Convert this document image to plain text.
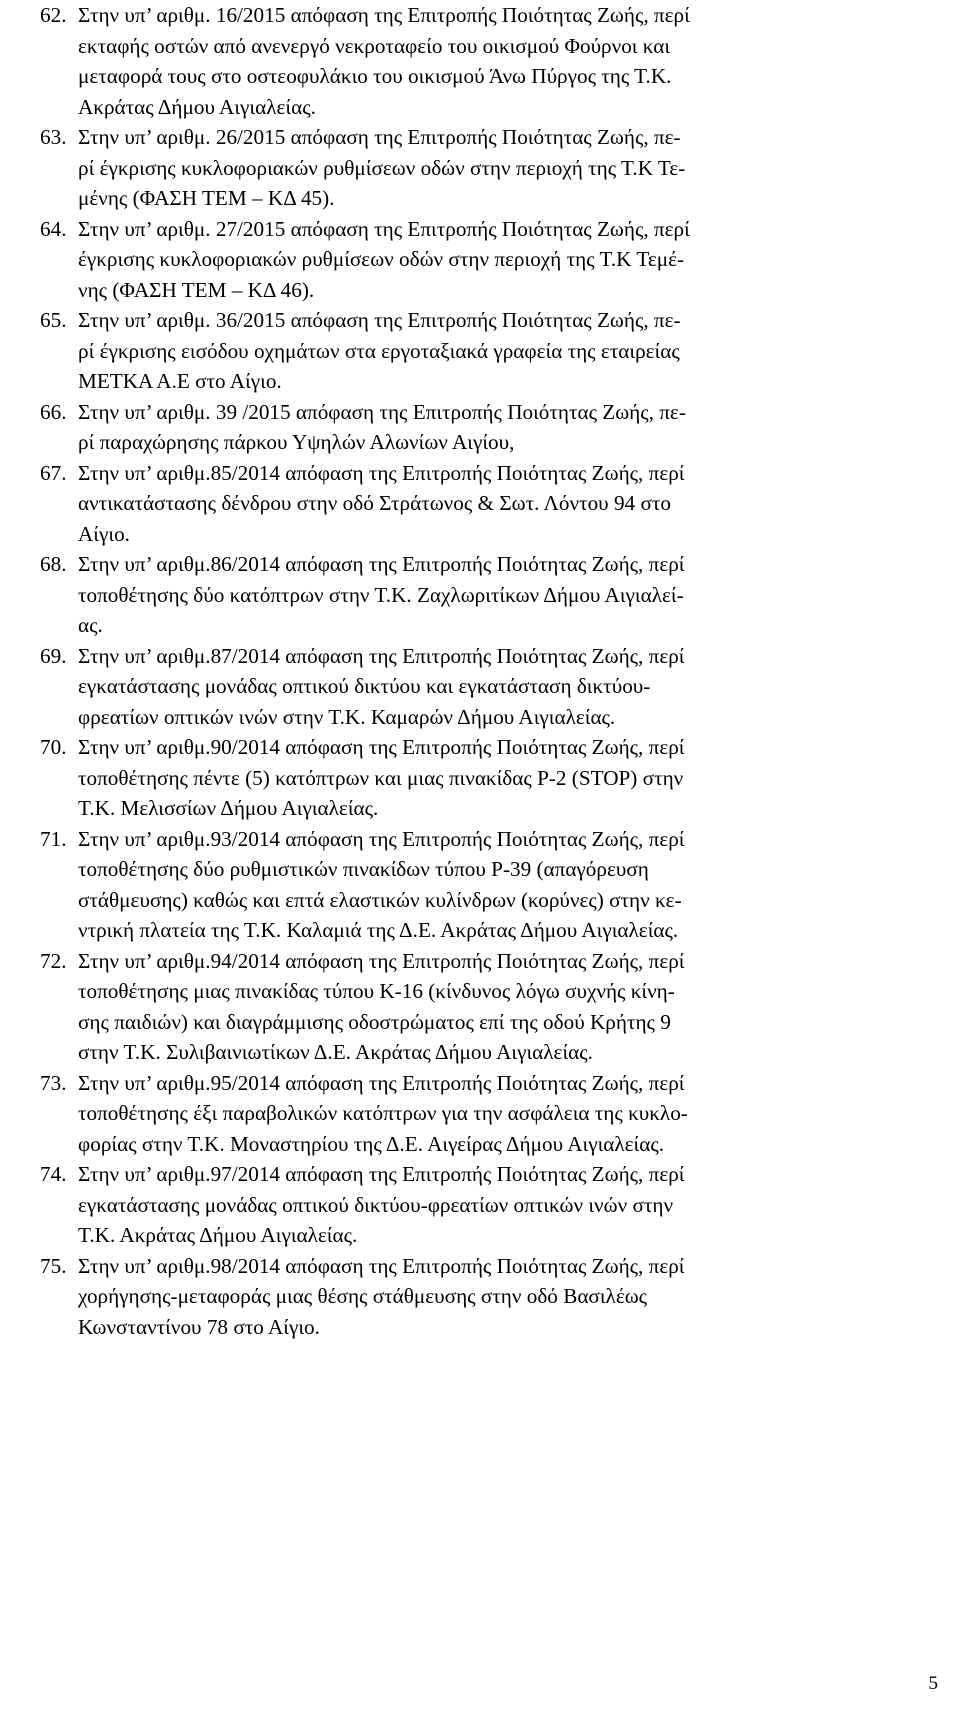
62. Στην υπ’ αριθμ. 16/2015 απόφαση της Επιτροπής Ποιότητας Ζωής, περί
εκταφής οστών από ανενεργό νεκροταφείο του οικισμού Φούρνοι και
μεταφορά τους στο οστεοφυλάκιο του οικισμού Άνω Πύργος της Τ.Κ.
Ακράτας Δήμου Αιγιαλείας.
63. Στην υπ’ αριθμ. 26/2015 απόφαση της Επιτροπής Ποιότητας Ζωής, πε-
ρί έγκρισης κυκλοφοριακών ρυθμίσεων οδών στην περιοχή της Τ.Κ Τε-
μένης (ΦΑΣΗ ΤΕΜ – ΚΔ 45).
64. Στην υπ’ αριθμ. 27/2015 απόφαση της Επιτροπής Ποιότητας Ζωής, περί
έγκρισης κυκλοφοριακών ρυθμίσεων οδών στην περιοχή της Τ.Κ Τεμέ-
νης (ΦΑΣΗ ΤΕΜ – ΚΔ 46).
65. Στην υπ’ αριθμ. 36/2015 απόφαση της Επιτροπής Ποιότητας Ζωής, πε-
ρί έγκρισης εισόδου οχημάτων στα εργοταξιακά γραφεία της εταιρείας
ΜΕΤΚΑ Α.Ε στο Αίγιο.
66. Στην υπ’ αριθμ. 39 /2015 απόφαση της Επιτροπής Ποιότητας Ζωής, πε-
ρί παραχώρησης πάρκου Υψηλών Αλωνίων Αιγίου,
67. Στην υπ’ αριθμ.85/2014 απόφαση της Επιτροπής Ποιότητας Ζωής, περί
αντικατάστασης δένδρου στην οδό Στράτωνος & Σωτ. Λόντου 94 στο
Αίγιο.
68. Στην υπ’ αριθμ.86/2014 απόφαση της Επιτροπής Ποιότητας Ζωής, περί
τοποθέτησης δύο κατόπτρων στην Τ.Κ. Ζαχλωριτίκων Δήμου Αιγιαλεί-
ας.
69. Στην υπ’ αριθμ.87/2014 απόφαση της Επιτροπής Ποιότητας Ζωής, περί
εγκατάστασης μονάδας οπτικού δικτύου και εγκατάσταση δικτύου-
φρεατίων οπτικών ινών στην Τ.Κ. Καμαρών Δήμου Αιγιαλείας.
70. Στην υπ’ αριθμ.90/2014 απόφαση της Επιτροπής Ποιότητας Ζωής, περί
τοποθέτησης πέντε (5) κατόπτρων και μιας πινακίδας Ρ-2 (STOP) στην
Τ.Κ. Μελισσίων Δήμου Αιγιαλείας.
71. Στην υπ’ αριθμ.93/2014 απόφαση της Επιτροπής Ποιότητας Ζωής, περί
τοποθέτησης δύο ρυθμιστικών πινακίδων τύπου Ρ-39 (απαγόρευση
στάθμευσης) καθώς και επτά ελαστικών κυλίνδρων (κορύνες) στην κε-
ντρική πλατεία της Τ.Κ. Καλαμιά της Δ.Ε. Ακράτας Δήμου Αιγιαλείας.
72. Στην υπ’ αριθμ.94/2014 απόφαση της Επιτροπής Ποιότητας Ζωής, περί
τοποθέτησης μιας πινακίδας τύπου Κ-16 (κίνδυνος λόγω συχνής κίνη-
σης παιδιών) και διαγράμμισης οδοστρώματος επί της οδού Κρήτης 9
στην Τ.Κ. Συλιβαινιωτίκων Δ.Ε. Ακράτας Δήμου Αιγιαλείας.
73. Στην υπ’ αριθμ.95/2014 απόφαση της Επιτροπής Ποιότητας Ζωής, περί
τοποθέτησης έξι παραβολικών κατόπτρων για την ασφάλεια της κυκλο-
φορίας στην Τ.Κ. Μοναστηρίου της Δ.Ε. Αιγείρας Δήμου Αιγιαλείας.
74. Στην υπ’ αριθμ.97/2014 απόφαση της Επιτροπής Ποιότητας Ζωής, περί
εγκατάστασης μονάδας οπτικού δικτύου-φρεατίων οπτικών ινών στην
Τ.Κ. Ακράτας Δήμου Αιγιαλείας.
75. Στην υπ’ αριθμ.98/2014 απόφαση της Επιτροπής Ποιότητας Ζωής, περί
χορήγησης-μεταφοράς μιας θέσης στάθμευσης στην οδό Βασιλέως
Κωνσταντίνου 78 στο Αίγιο.
5
